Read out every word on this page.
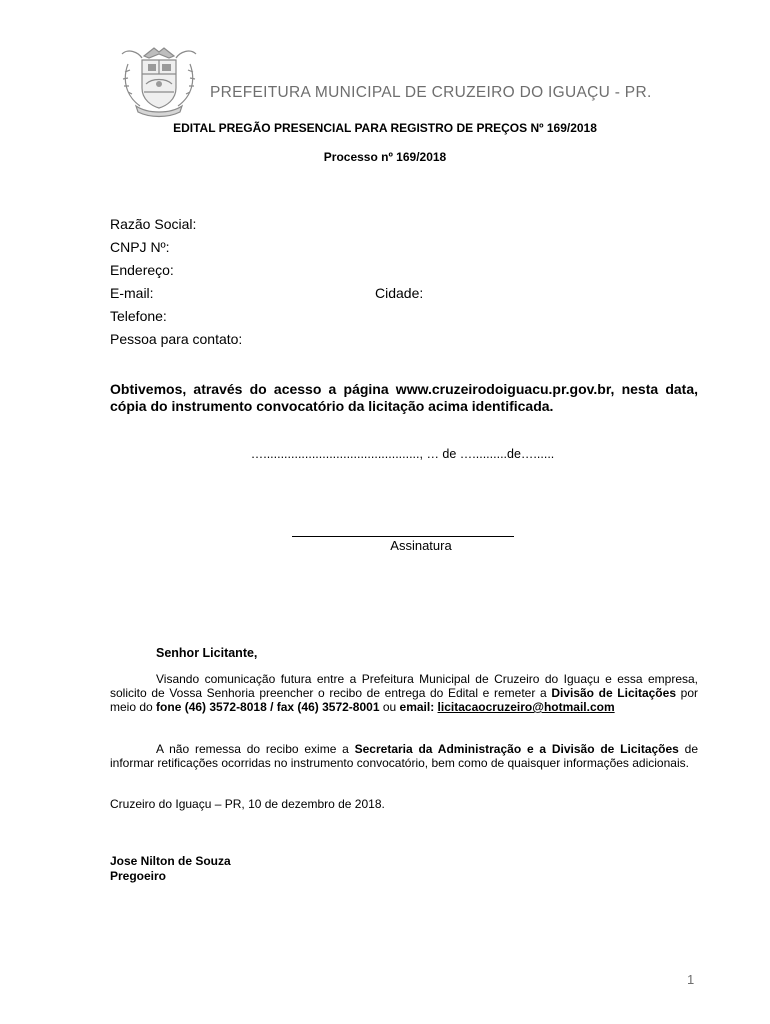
PREFEITURA MUNICIPAL DE CRUZEIRO DO IGUAÇU - PR.
EDITAL PREGÃO PRESENCIAL PARA REGISTRO DE PREÇOS Nº 169/2018
Processo nº 169/2018
Razão Social:
CNPJ Nº:
Endereço:
E-mail:	Cidade:
Telefone:
Pessoa para contato:
Obtivemos, através do acesso a página www.cruzeirodoiguacu.pr.gov.br, nesta data, cópia do instrumento convocatório da licitação acima identificada.
…............................................., … de …..........de…......
Assinatura
Senhor Licitante,
Visando comunicação futura entre a Prefeitura Municipal de Cruzeiro do Iguaçu e essa empresa, solicito de Vossa Senhoria preencher o recibo de entrega do Edital e remeter a Divisão de Licitações por meio do fone (46) 3572-8018 / fax (46) 3572-8001 ou email: licitacaocruzeiro@hotmail.com
A não remessa do recibo exime a Secretaria da Administração e a Divisão de Licitações de informar retificações ocorridas no instrumento convocatório, bem como de quaisquer informações adicionais.
Cruzeiro do Iguaçu – PR, 10 de dezembro de 2018.
Jose Nilton de Souza
Pregoeiro
1
